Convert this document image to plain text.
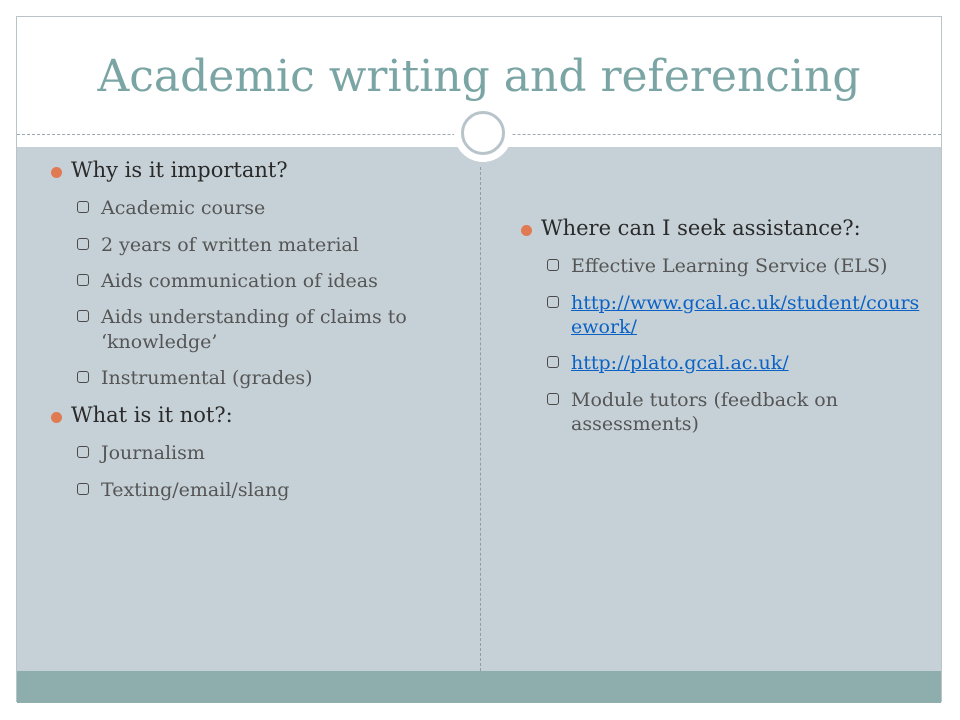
Academic writing and referencing
Why is it important?
Academic course
2 years of written material
Aids communication of ideas
Aids understanding of claims to ‘knowledge’
Instrumental (grades)
What is it not?:
Journalism
Texting/email/slang
Where can I seek assistance?:
Effective Learning Service (ELS)
http://www.gcal.ac.uk/student/coursework/
http://plato.gcal.ac.uk/
Module tutors (feedback on assessments)
